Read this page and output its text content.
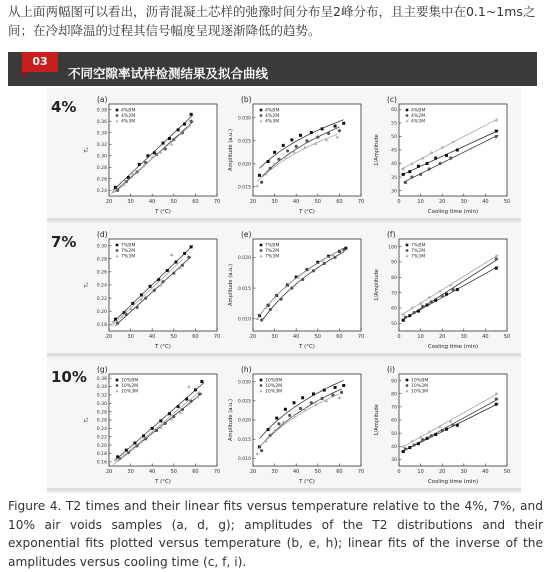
从上面两幅图可以看出，沥青混凝土芯样的弛豫时间分布呈2峰分布，且主要集中在0.1~1ms之间；在冷却降温的过程其信号幅度呈现逐渐降低的趋势。
03
不同空隙率试样检测结果及拟合曲线
4%
20	30	40	50	60	70
0.24
0.26
0.28
0.30
0.32
0.34
0.36
0.38
T (°C)
T₂
(a)
4%BM
4%2M
4%3M
20	30	40	50	60	70
0.015
0.020
0.025
0.030
T (°C)
Amplitude (a.u.)
(b)
4%BM
4%2M
4%3M
0	10	20	30	40	50
30
35
40
45
50
55
60
Cooling time (min)
1/Amplitude
(c)
4%BM
4%2M
4%3M
7%
20	30	40	50	60	70
0.18
0.20
0.22
0.24
0.26
0.28
0.30
T (°C)
T₂
(d)
7%BM
7%2M
7%3M
20	30	40	50	60	70
0.010
0.015
0.020
T (°C)
Amplitude (a.u.)
(e)
7%BM
7%2M
7%3M
0	10	20	30	40	50
50
60
70
80
90
100
Cooling time (min)
1/Amplitude
(f)
7%BM
7%2M
7%3M
10%
20	30	40	50	60	70
0.16
0.18
0.20
0.22
0.24
0.26
0.28
0.30
0.32
0.34
0.36
T (°C)
T₂
(g)
10%BM
10%2M
10%3M
20	30	40	50	60	70
0.010
0.015
0.020
0.025
0.030
T (°C)
Amplitude (a.u.)
(h)
10%BM
10%2M
10%3M
0	10	20	30	40	50
30
40
50
60
70
80
90
Cooling time (min)
1/Amplitude
(i)
10%BM
10%2M
10%3M
Figure 4. T2 times and their linear fits versus temperature relative to the 4%, 7%, and 10% air voids samples (a, d, g); amplitudes of the T2 distributions and their exponential fits plotted versus temperature (b, e, h); linear fits of the inverse of the amplitudes versus cooling time (c, f, i).
